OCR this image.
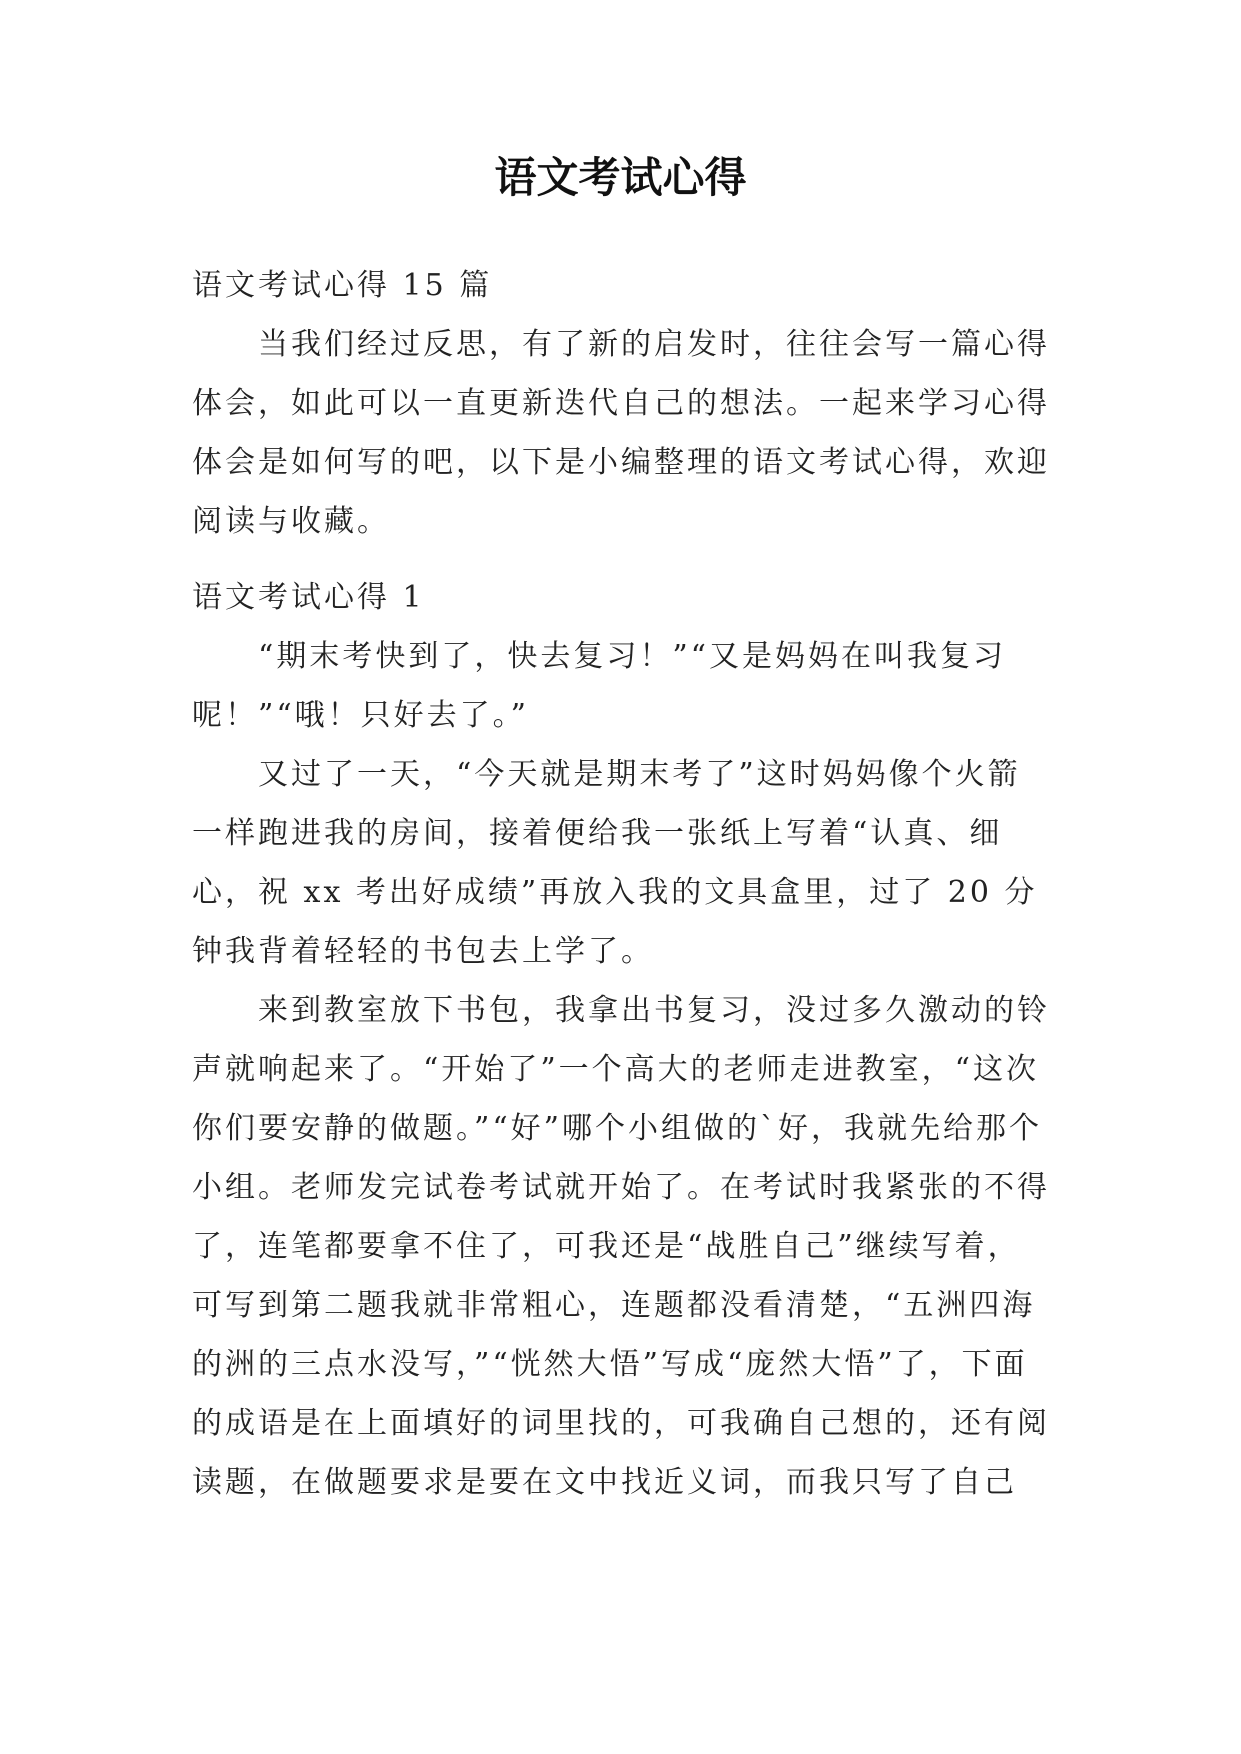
语文考试心得

语文考试心得 15 篇

当我们经过反思，有了新的启发时，往往会写一篇心得体会，如此可以一直更新迭代自己的想法。一起来学习心得体会是如何写的吧，以下是小编整理的语文考试心得，欢迎阅读与收藏。

语文考试心得 1

“期末考快到了，快去复习！”“又是妈妈在叫我复习呢！”“哦！只好去了。”

又过了一天，“今天就是期末考了”这时妈妈像个火箭一样跑进我的房间，接着便给我一张纸上写着“认真、细心，祝 xx 考出好成绩”再放入我的文具盒里，过了 20 分钟我背着轻轻的书包去上学了。

来到教室放下书包，我拿出书复习，没过多久激动的铃声就响起来了。“开始了”一个高大的老师走进教室，“这次你们要安静的做题。”“好”哪个小组做的`好，我就先给那个小组。老师发完试卷考试就开始了。在考试时我紧张的不得了，连笔都要拿不住了，可我还是“战胜自己”继续写着，可写到第二题我就非常粗心，连题都没看清楚，“五洲四海的洲的三点水没写，”“恍然大悟”写成“庞然大悟”了，下面的成语是在上面填好的词里找的，可我确自己想的，还有阅读题，在做题要求是要在文中找近义词，而我只写了自己
